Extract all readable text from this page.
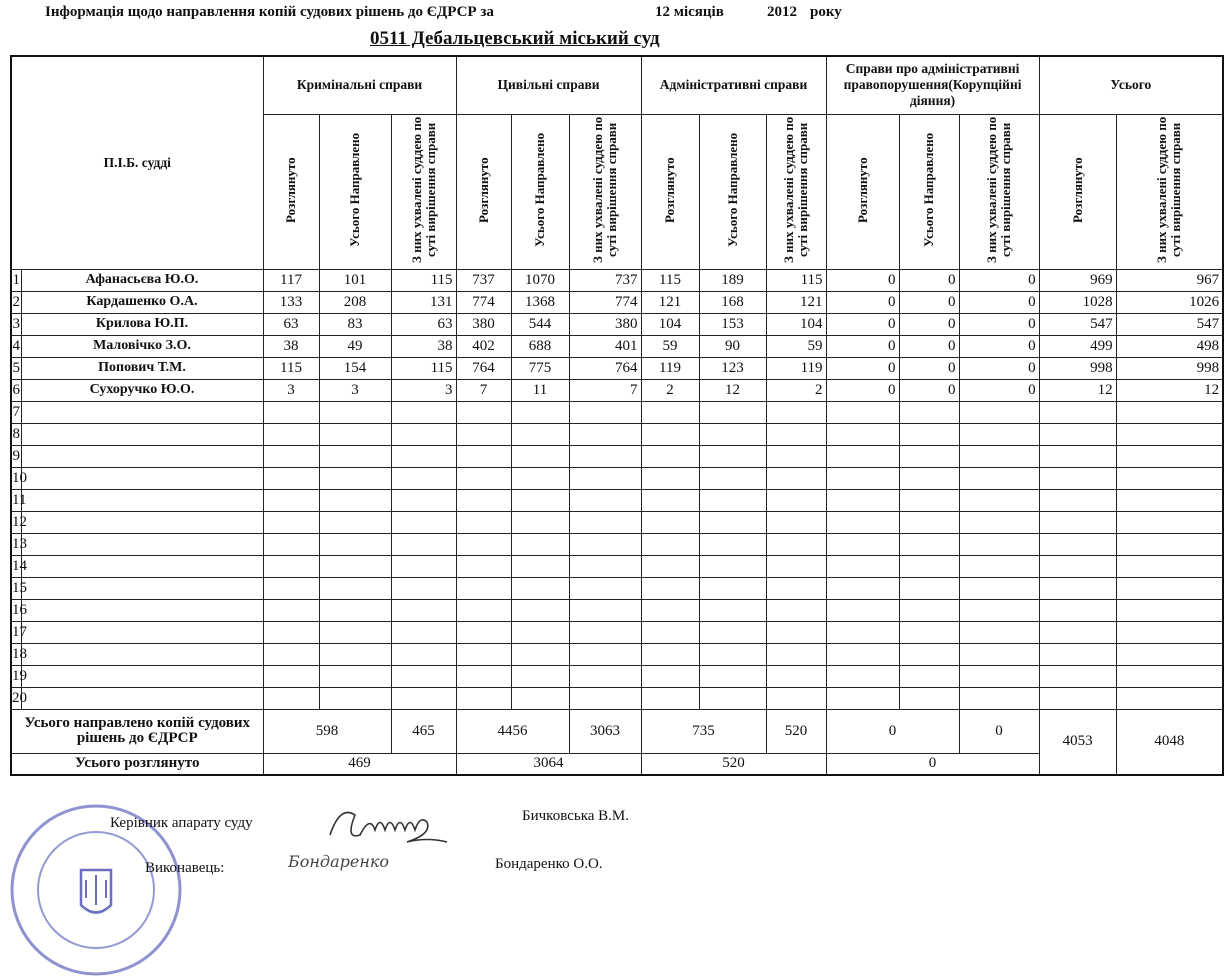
Інформація щодо направлення копій судових рішень до ЄДРСР за	12 місяців	2012 року
0511 Дебальцевський міський суд
П.І.Б. судді		Кримінальні справи			Цивільні справи			Адміністративні справи			Справи про адміністративні правопорушення(Корупційні діяння)			Усього	
		Розглянуто	Усього Направлено	З них ухвалені суддею по суті вирішення справи	Розглянуто	Усього Направлено	З них ухвалені суддею по суті вирішення справи	Розглянуто	Усього Направлено	З них ухвалені суддею по суті вирішення справи	Розглянуто	Усього Направлено	З них ухвалені суддею по суті вирішення справи	Розглянуто	З них ухвалені суддею по суті вирішення справи
1	Афанасьєва Ю.О.	117	101	115	737	1070	737	115	189	115	0	0	0	969	967
2	Кардашенко О.А.	133	208	131	774	1368	774	121	168	121	0	0	0	1028	1026
3	Крилова Ю.П.	63	83	63	380	544	380	104	153	104	0	0	0	547	547
4	Маловічко З.О.	38	49	38	402	688	401	59	90	59	0	0	0	499	498
5	Попович Т.М.	115	154	115	764	775	764	119	123	119	0	0	0	998	998
6	Сухоручко Ю.О.	3	3	3	7	11	7	2	12	2	0	0	0	12	12
7															
8															
9															
10															
11															
12															
13															
14															
15															
16															
17															
18															
19															
20															
Усього направлено копій судових рішень до ЄДРСР		598		465	4456		3063	735		520	0		0	4053	4048
Усього розглянуто		469			3064			520			0				
Керівник апарату суду	Бичковська В.М.
Виконавець:	Бондаренко	Бондаренко О.О.
